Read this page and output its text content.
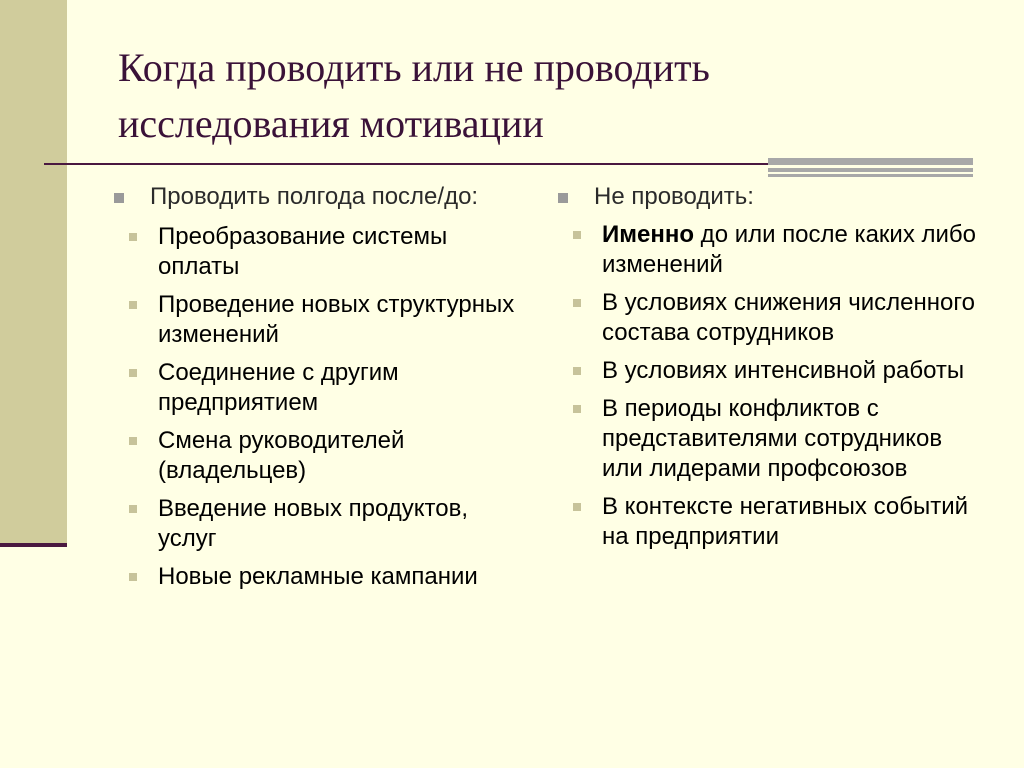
Когда проводить или не проводить
исследования мотивации
Проводить полгода после/до:
Преобразование системы оплаты
Проведение новых структурных изменений
Соединение с другим предприятием
Смена руководителей (владельцев)
Введение новых продуктов, услуг
Новые рекламные кампании
Не проводить:
Именно до или после каких либо изменений
В условиях снижения численного состава сотрудников
В условиях интенсивной работы
В периоды конфликтов с представителями сотрудников или лидерами профсоюзов
В контексте негативных событий на предприятии
